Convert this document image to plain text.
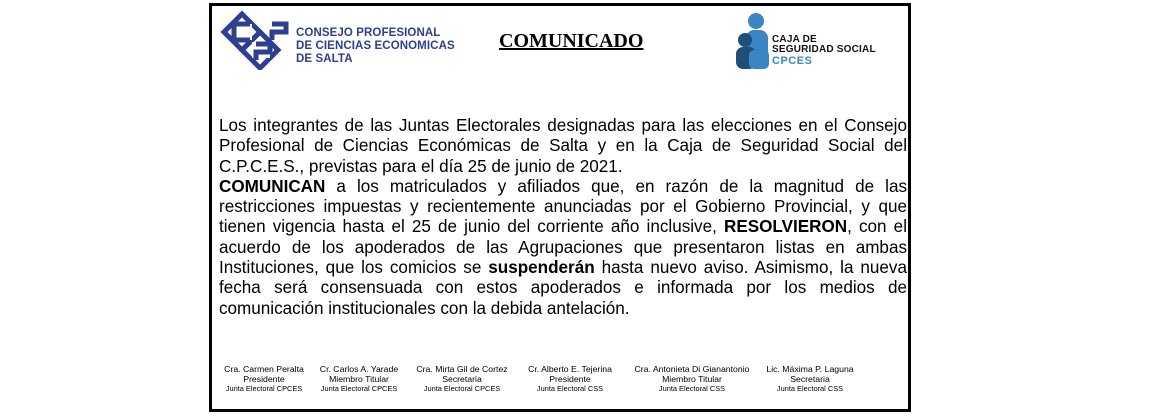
CONSEJO PROFESIONAL
DE CIENCIAS ECONOMICAS
DE SALTA
COMUNICADO	CAJA DE
SEGURIDAD SOCIAL
CPCES

Los integrantes de las Juntas Electorales designadas para las elecciones en el Consejo Profesional de Ciencias Económicas de Salta y en la Caja de Seguridad Social del C.P.C.E.S., previstas para el día 25 de junio de 2021.

COMUNICAN a los matriculados y afiliados que, en razón de la magnitud de las restricciones impuestas y recientemente anunciadas por el Gobierno Provincial, y que tienen vigencia hasta el 25 de junio del corriente año inclusive, RESOLVIERON, con el acuerdo de los apoderados de las Agrupaciones que presentaron listas en ambas Instituciones, que los comicios se suspenderán hasta nuevo aviso. Asimismo, la nueva fecha será consensuada con estos apoderados e informada por los medios de comunicación institucionales con la debida antelación.

Cra. Carmen Peralta
Presidente
Junta Electoral CPCES
Cr. Carlos A. Yarade
Miembro Titular
Junta Electoral CPCES
Cra. Mirta Gil de Cortez
Secretaria
Junta Electoral CPCES
Cr. Alberto E. Tejerina
Presidente
Junta Electoral CSS
Cra. Antonieta Di Gianantonio
Miembro Titular
Junta Electoral CSS
Lic. Máxima P. Laguna
Secretaria
Junta Electoral CSS
